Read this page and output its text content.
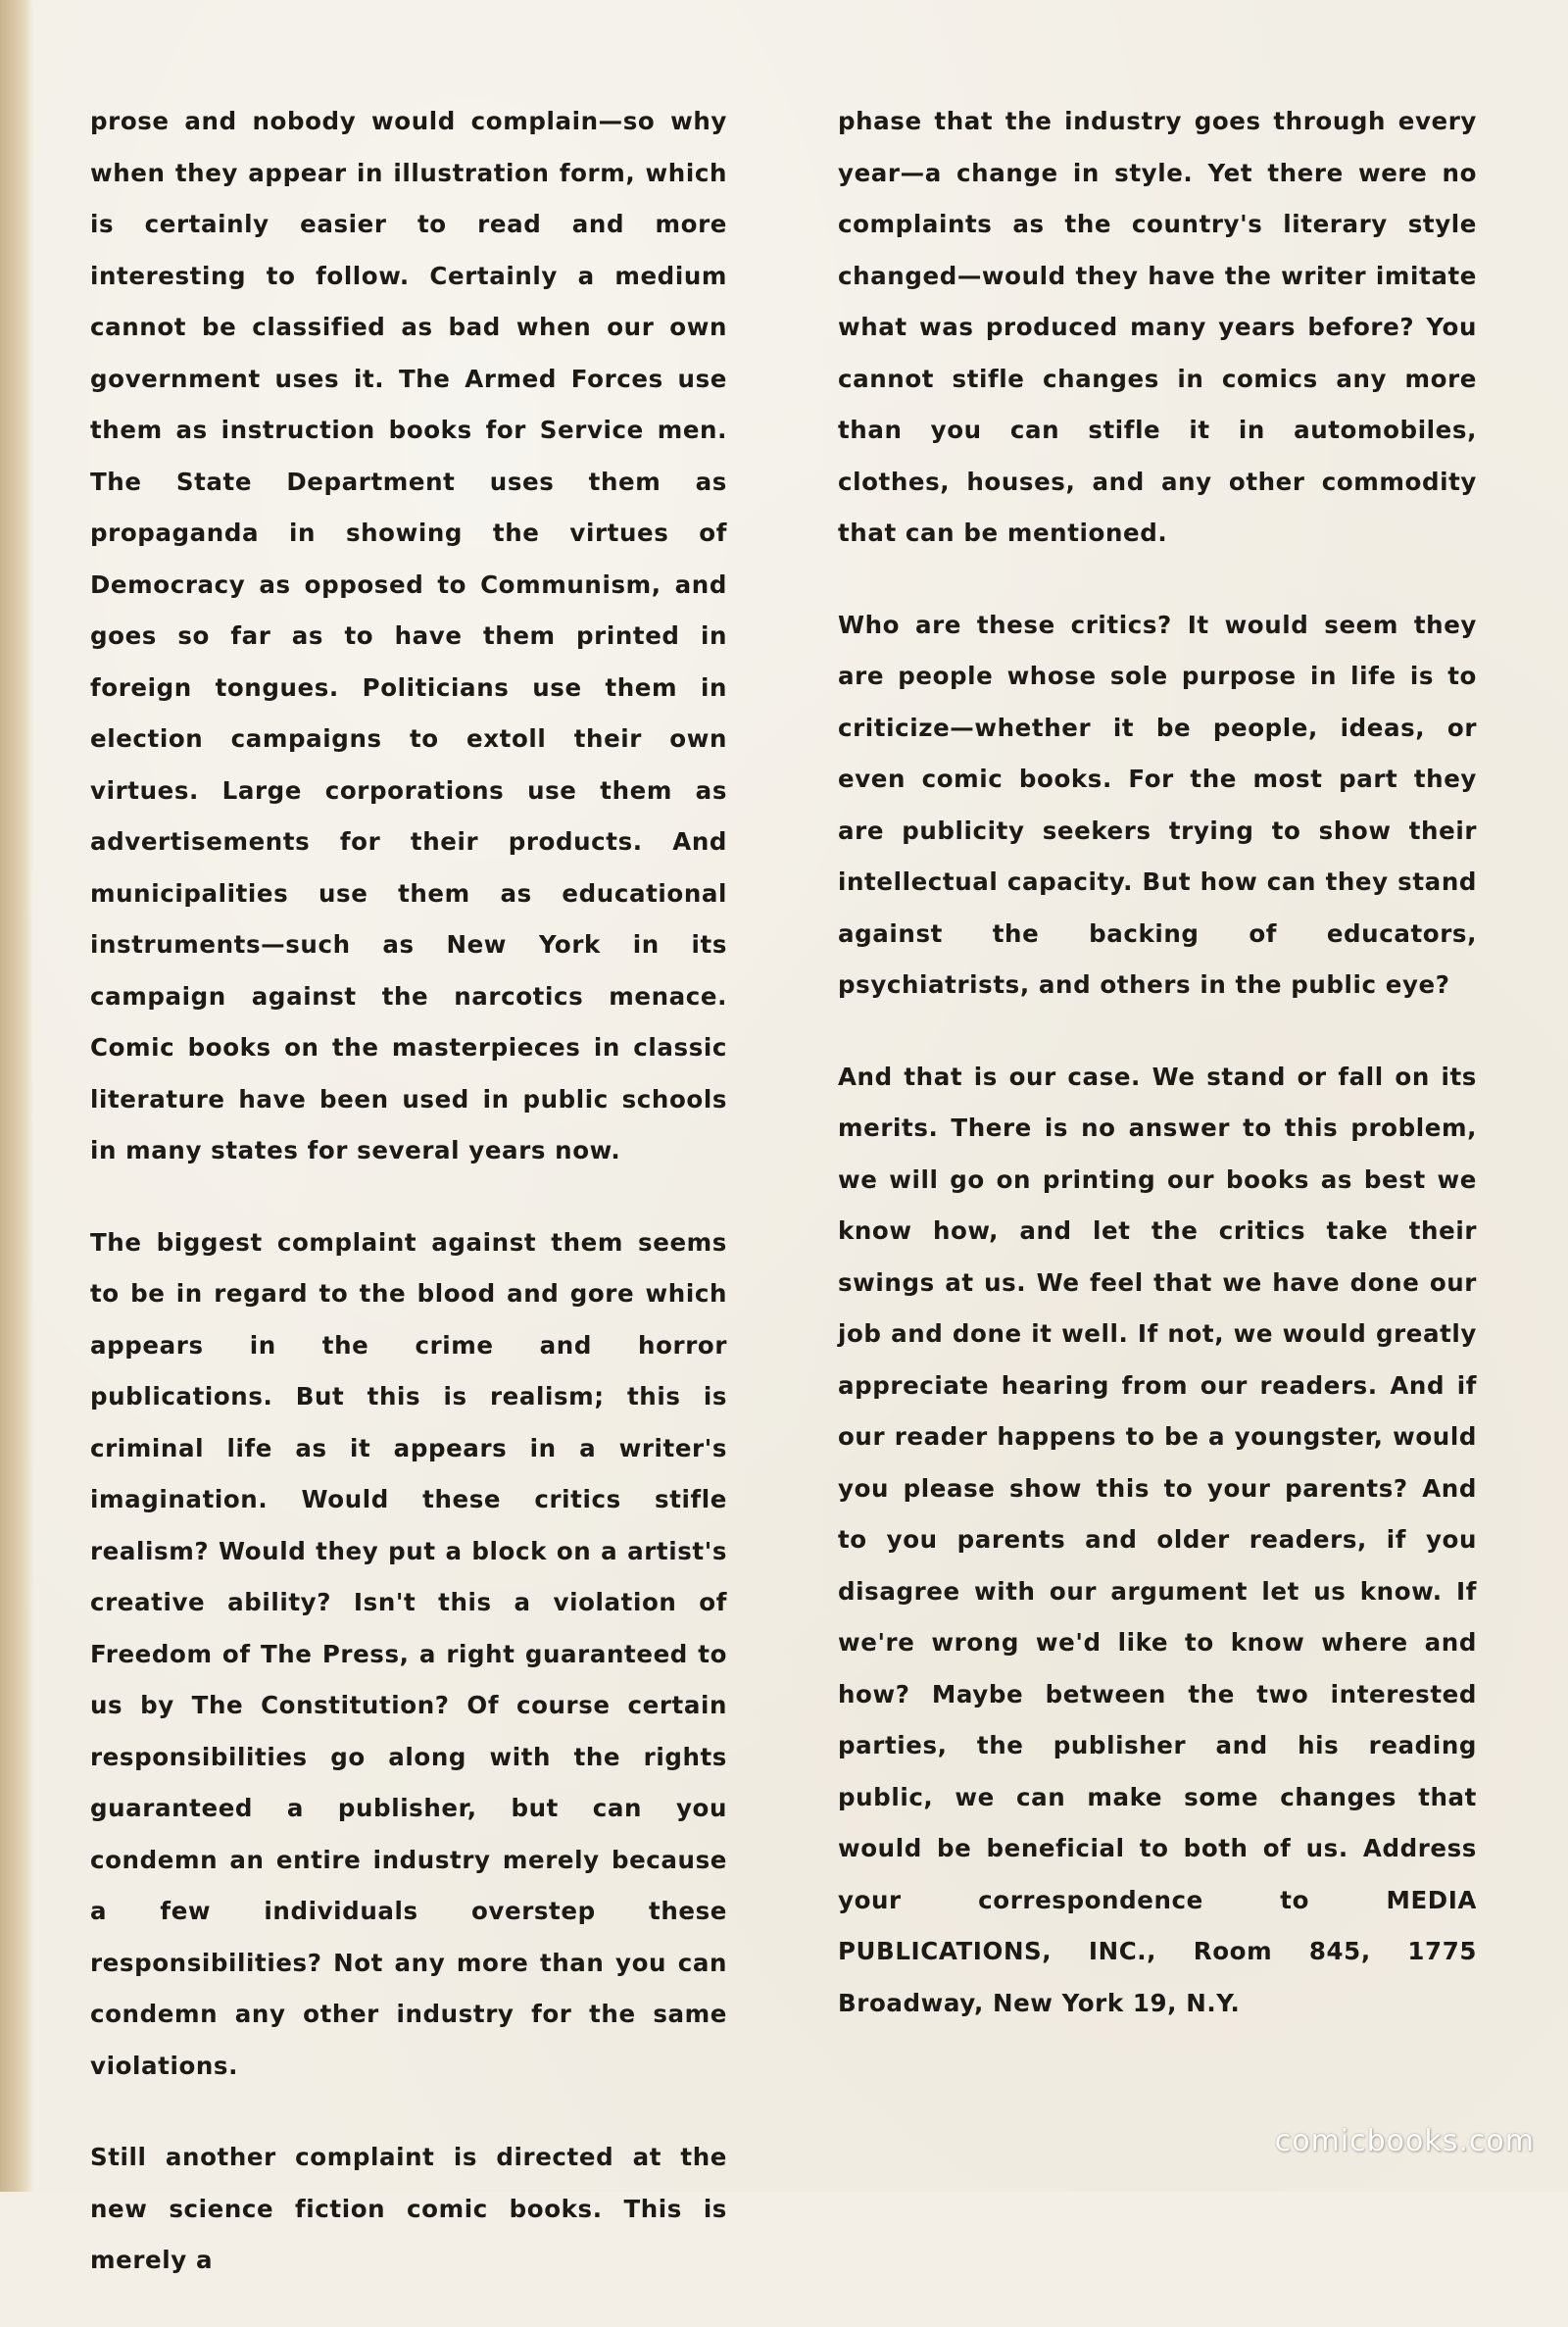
prose and nobody would complain—so why when they appear in illustration form, which is certainly easier to read and more interesting to follow. Certainly a medium cannot be classified as bad when our own government uses it. The Armed Forces use them as instruction books for Service men. The State Department uses them as propaganda in showing the virtues of Democracy as opposed to Communism, and goes so far as to have them printed in foreign tongues. Politicians use them in election campaigns to extoll their own virtues. Large corporations use them as advertisements for their products. And municipalities use them as educational instruments—such as New York in its campaign against the narcotics menace. Comic books on the masterpieces in classic literature have been used in public schools in many states for several years now.

The biggest complaint against them seems to be in regard to the blood and gore which appears in the crime and horror publications. But this is realism; this is criminal life as it appears in a writer's imagination. Would these critics stifle realism? Would they put a block on a artist's creative ability? Isn't this a violation of Freedom of The Press, a right guaranteed to us by The Constitution? Of course certain responsibilities go along with the rights guaranteed a publisher, but can you condemn an entire industry merely because a few individuals overstep these responsibilities? Not any more than you can condemn any other industry for the same violations.

Still another complaint is directed at the new science fiction comic books. This is merely a

phase that the industry goes through every year—a change in style. Yet there were no complaints as the country's literary style changed—would they have the writer imitate what was produced many years before? You cannot stifle changes in comics any more than you can stifle it in automobiles, clothes, houses, and any other commodity that can be mentioned.

Who are these critics? It would seem they are people whose sole purpose in life is to criticize—whether it be people, ideas, or even comic books. For the most part they are publicity seekers trying to show their intellectual capacity. But how can they stand against the backing of educators, psychiatrists, and others in the public eye?

And that is our case. We stand or fall on its merits. There is no answer to this problem, we will go on printing our books as best we know how, and let the critics take their swings at us. We feel that we have done our job and done it well. If not, we would greatly appreciate hearing from our readers. And if our reader happens to be a youngster, would you please show this to your parents? And to you parents and older readers, if you disagree with our argument let us know. If we're wrong we'd like to know where and how? Maybe between the two interested parties, the publisher and his reading public, we can make some changes that would be beneficial to both of us. Address your correspondence to MEDIA PUBLICATIONS, INC., Room 845, 1775 Broadway, New York 19, N.Y.

comicbooks.com
